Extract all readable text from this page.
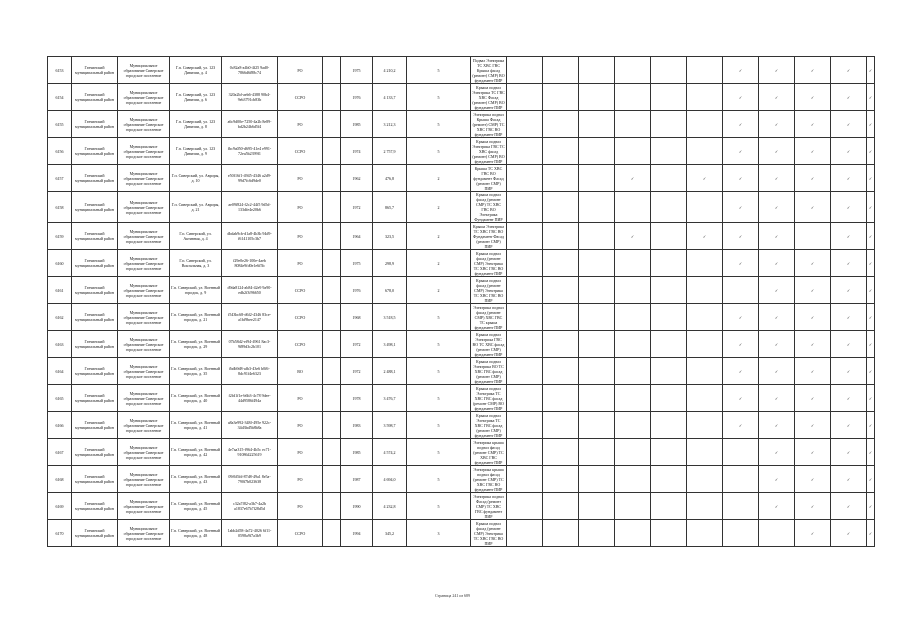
6153	Гатчинский муниципальный район	Муниципальное образование Сиверское городское поселение	Г.п. Сиверский, ул. 123 Дивизии, д. 4	0c82a8-a4b0-4f25 9ad0-7866d6f88c74	РО		1975	4 210,2	5	Подвал Электрика ТС ХВС ГВС Крыша фасад (ремонт) СМР) ВО фундамент ПИР							✓	✓	✓	✓	✓
6154	Гатчинский муниципальный район	Муниципальное образование Сиверское городское поселение	Г.п. Сиверский, ул. 123 Дивизии, д. 6	320a2bf-aeb6-4388 90b4-9eb3791cb83b	ССРО		1976	4 133,7	5	Крыша подвал Электрика ТС ГВС ХВС Фасад (ремонт) СМР) ВО фундамент ПИР							✓	✓	✓	✓	✓
6155	Гатчинский муниципальный район	Муниципальное образование Сиверское городское поселение	Г.п. Сиверский, ул. 123 Дивизии, д. 8	a6c9d00e-7250-4a2b 8e89-bd2b24b6d5f4	РО		1985	3 212,3	5	Электрика подвал Крыша Фасад (ремонт) СМР) ТС ХВС ГВС ВО фундамент ПИР							✓	✓	✓	✓	✓
6156	Гатчинский муниципальный район	Муниципальное образование Сиверское городское поселение	Г.п. Сиверский, ул. 123 Дивизии, д. 9	fbc9a050-d695-41e4 e991-72ea5b2399f1	ССРО		1974	2 757,9	5	Крыша подвал Электрика ГВС ТС ХВС фасад (ремонт) СМР) ВО фундамент ПИР							✓	✓	✓	✓	✓
6157	Гатчинский муниципальный район	Муниципальное образование Сиверское городское поселение	Г.п. Сиверский, ул. Авроры, д. 10	e50f16f1-4945-4346 a2d9-99d7fc6d9de0	РО		1962	476,8	2	Крыша ТС ХВС ГВС ВО фундамент Фасад (ремонт СМР) ПИР				✓		✓	✓	✓	✓	✓	✓
6158	Гатчинский муниципальный район	Муниципальное образование Сиверское городское поселение	Г.п. Сиверский, ул. Авроры, д. 21	ae09f824-f2c2-44f5 9d5d-133dfe4e20b6	РО		1972	865,7	2	Крыша подвал фасад (ремонт СМР) ТС ХВС ГВС ВО Электрика Фундамент ПИР							✓	✓	✓	✓	✓
6159	Гатчинский муниципальный район	Муниципальное образование Сиверское городское поселение	Г.п. Сиверский, ул. Активная, д. 4	dbdab9cb-d1a8-4b3b 94d9-f6141105c3b7	РО		1964	323,5	2	Крыша Электрика ТС ХВС ГВС ВО Фундамент Фасад (ремонт СМР) ПИР				✓		✓	✓	✓		✓	✓
6160	Гатчинский муниципальный район	Муниципальное образование Сиверское городское поселение	Г.п. Сиверский, ул. Вокзальная, д. 3	f29e0e26-100e-4aeb 8084e9fd0e1e6f5b	РО		1975	298,9	2	Крыша подвал фасад (ремонт СМР) Электрика ТС ХВС ГВС ВО фундамент ПИР							✓	✓	✓	✓	✓
6161	Гатчинский муниципальный район	Муниципальное образование Сиверское городское поселение	Г.п. Сиверский, ул. Военный городок, д. 9	d9da8124-ab84-42e9 9a90-edb2f3f96650	ССРО		1976	678,0	2	Крыша подвал фасад (ремонт СМР) Электрика ТС ХВС ГВС ВО ПИР								✓	✓	✓	✓
6162	Гатчинский муниципальный район	Муниципальное образование Сиверское городское поселение	Г.п. Сиверский, ул. Военный городок, д. 21	f543bc68-d6f2-4346 83ce-a1bf9bee2147	ССРО		1968	3 518,5	5	Электрика подвал фасад (ремонт СМР) ХВС ГВС ТС крыша фундамент ПИР							✓	✓	✓	✓	✓
6163	Гатчинский муниципальный район	Муниципальное образование Сиверское городское поселение	Г.п. Сиверский, ул. Военный городок, д. 29	07b58d2-ef94-4961 8ac3-9f89d3c2b101	ССРО		1972	3 498,1	5	Крыша подвал Электрика ГВС ВО ТС ХВС фасад (ремонт СМР) фундамент ПИР							✓	✓	✓	✓	✓
6164	Гатчинский муниципальный район	Муниципальное образование Сиверское городское поселение	Г.п. Сиверский, ул. Военный городок, д. 35	fbdb9d8-afb3-43e6 b0f6-8dc91f4e6323	ВО		1972	2 488,1	5	Крыша подвал Электрика ВО ТС ХВС ГВС фасад (ремонт СМР) фундамент ПИР							✓	✓	✓	✓	✓
6165	Гатчинский муниципальный район	Муниципальное образование Сиверское городское поселение	Г.п. Сиверский, ул. Военный городок, д. 40	f2fd1f1e-b6b3-4c78 9dee-44d9586f494a	РО		1978	3 476,7	5	Крыша подвал Электрика ТС ХВС ГВС фасад (ремонт СМР) ВО фундамент ПИР							✓	✓	✓	✓	✓
6166	Гатчинский муниципальный район	Муниципальное образование Сиверское городское поселение	Г.п. Сиверский, ул. Военный городок, д. 41	a8a3e992-348f-495e 922c-34d3bd5b8b8a	РО		1983	3 598,7	5	Крыша подвал Электрика ТС ХВС ГВС фасад (ремонт СМР) фундамент ПИР							✓	✓	✓	✓	✓
6167	Гатчинский муниципальный район	Муниципальное образование Сиверское городское поселение	Г.п. Сиверский, ул. Военный городок, д. 42	4e7aa315-f964-4b5c ec71-910864225619	РО		1985	4 574,2	5	Электрика крыша подвал фасад (ремонт СМР) ТС ХВС ГВС фундамент ПИР								✓	✓	✓	✓
6168	Гатчинский муниципальный район	Муниципальное образование Сиверское городское поселение	Г.п. Сиверский, ул. Военный городок, д. 43	09f6f5fd-87d8-49a1 8e5a-790f7b023638	РО		1987	4 694,0	5	Электрика крыша подвал фасад (ремонт СМР) ТС ХВС ГВС ВО фундамент ПИР								✓	✓	✓	✓
6169	Гатчинский муниципальный район	Муниципальное образование Сиверское городское поселение	Г.п. Сиверский, ул. Военный городок, д. 45	c32a7f82-a3b7-4a2b a1837e67b7f28d5d	РО		1990	4 232,8	5	Электрика подвал Фасад (ремонт СМР) ТС ХВС ГВС фундамент ПИР								✓	✓	✓	✓
6170	Гатчинский муниципальный район	Муниципальное образование Сиверское городское поселение	Г.п. Сиверский, ул. Военный городок, д. 48	1abb2d58-4a72-4026 6f11-0598a9f7a3b9	ССРО		1994	345,2	3	Крыша подвал фасад (ремонт СМР) Электрика ТС ХВС ГВС ВО ПИР									✓	✓	✓
Страница 241 из 689
